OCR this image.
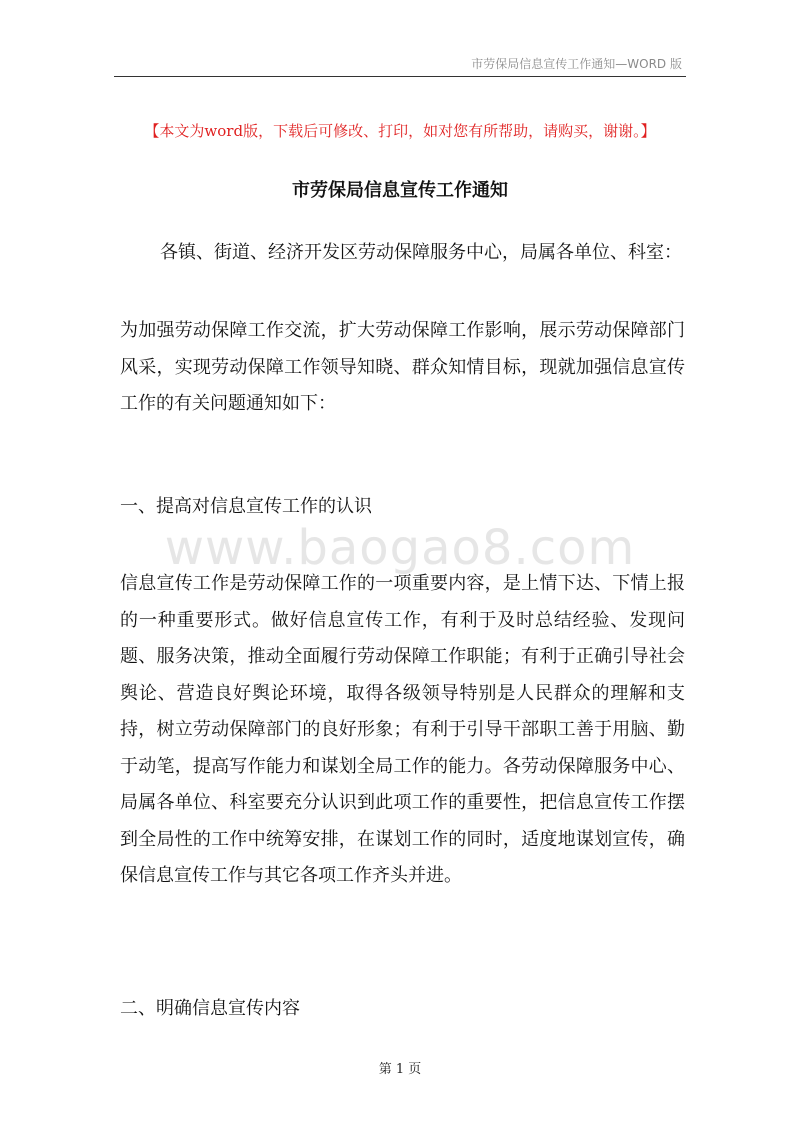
市劳保局信息宣传工作通知—WORD 版
【本文为word版，下载后可修改、打印，如对您有所帮助，请购买，谢谢。】
市劳保局信息宣传工作通知
各镇、街道、经济开发区劳动保障服务中心，局属各单位、科室：

为加强劳动保障工作交流，扩大劳动保障工作影响，展示劳动保障部门风采，实现劳动保障工作领导知晓、群众知情目标，现就加强信息宣传工作的有关问题通知如下：

一、提高对信息宣传工作的认识
www.baogao8.com

信息宣传工作是劳动保障工作的一项重要内容，是上情下达、下情上报的一种重要形式。做好信息宣传工作，有利于及时总结经验、发现问题、服务决策，推动全面履行劳动保障工作职能；有利于正确引导社会舆论、营造良好舆论环境，取得各级领导特别是人民群众的理解和支持，树立劳动保障部门的良好形象；有利于引导干部职工善于用脑、勤于动笔，提高写作能力和谋划全局工作的能力。各劳动保障服务中心、局属各单位、科室要充分认识到此项工作的重要性，把信息宣传工作摆到全局性的工作中统筹安排，在谋划工作的同时，适度地谋划宣传，确保信息宣传工作与其它各项工作齐头并进。

二、明确信息宣传内容
第 1 页
